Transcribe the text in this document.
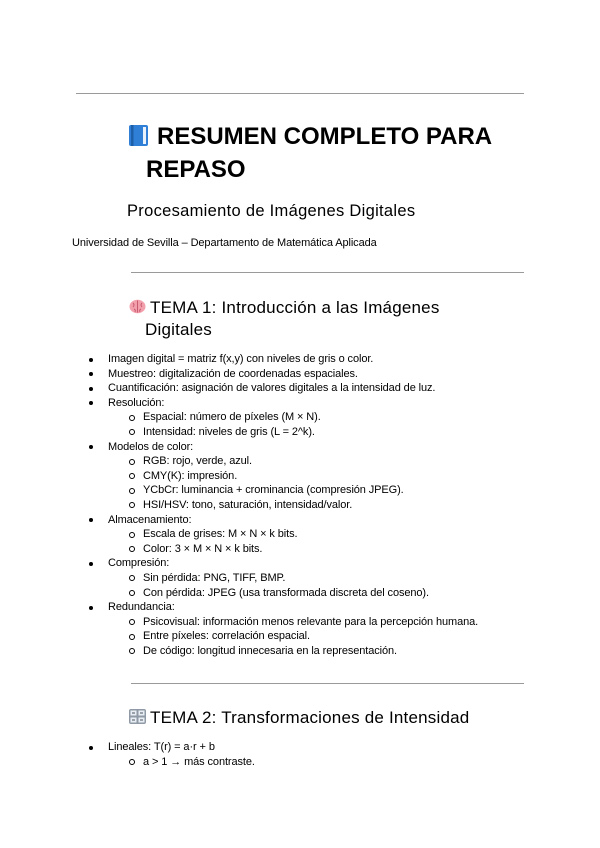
RESUMEN COMPLETO PARA
REPASO
Procesamiento de Imágenes Digitales

Universidad de Sevilla – Departamento de Matemática Aplicada

TEMA 1: Introducción a las Imágenes
Digitales
Imagen digital = matriz f(x,y) con niveles de gris o color.
Muestreo: digitalización de coordenadas espaciales.
Cuantificación: asignación de valores digitales a la intensidad de luz.
Resolución:
Espacial: número de píxeles (M × N).
Intensidad: niveles de gris (L = 2^k).
Modelos de color:
RGB: rojo, verde, azul.
CMY(K): impresión.
YCbCr: luminancia + crominancia (compresión JPEG).
HSI/HSV: tono, saturación, intensidad/valor.
Almacenamiento:
Escala de grises: M × N × k bits.
Color: 3 × M × N × k bits.
Compresión:
Sin pérdida: PNG, TIFF, BMP.
Con pérdida: JPEG (usa transformada discreta del coseno).
Redundancia:
Psicovisual: información menos relevante para la percepción humana.
Entre píxeles: correlación espacial.
De código: longitud innecesaria en la representación.
TEMA 2: Transformaciones de Intensidad
Lineales: T(r) = a·r + b
a > 1 → más contraste.
